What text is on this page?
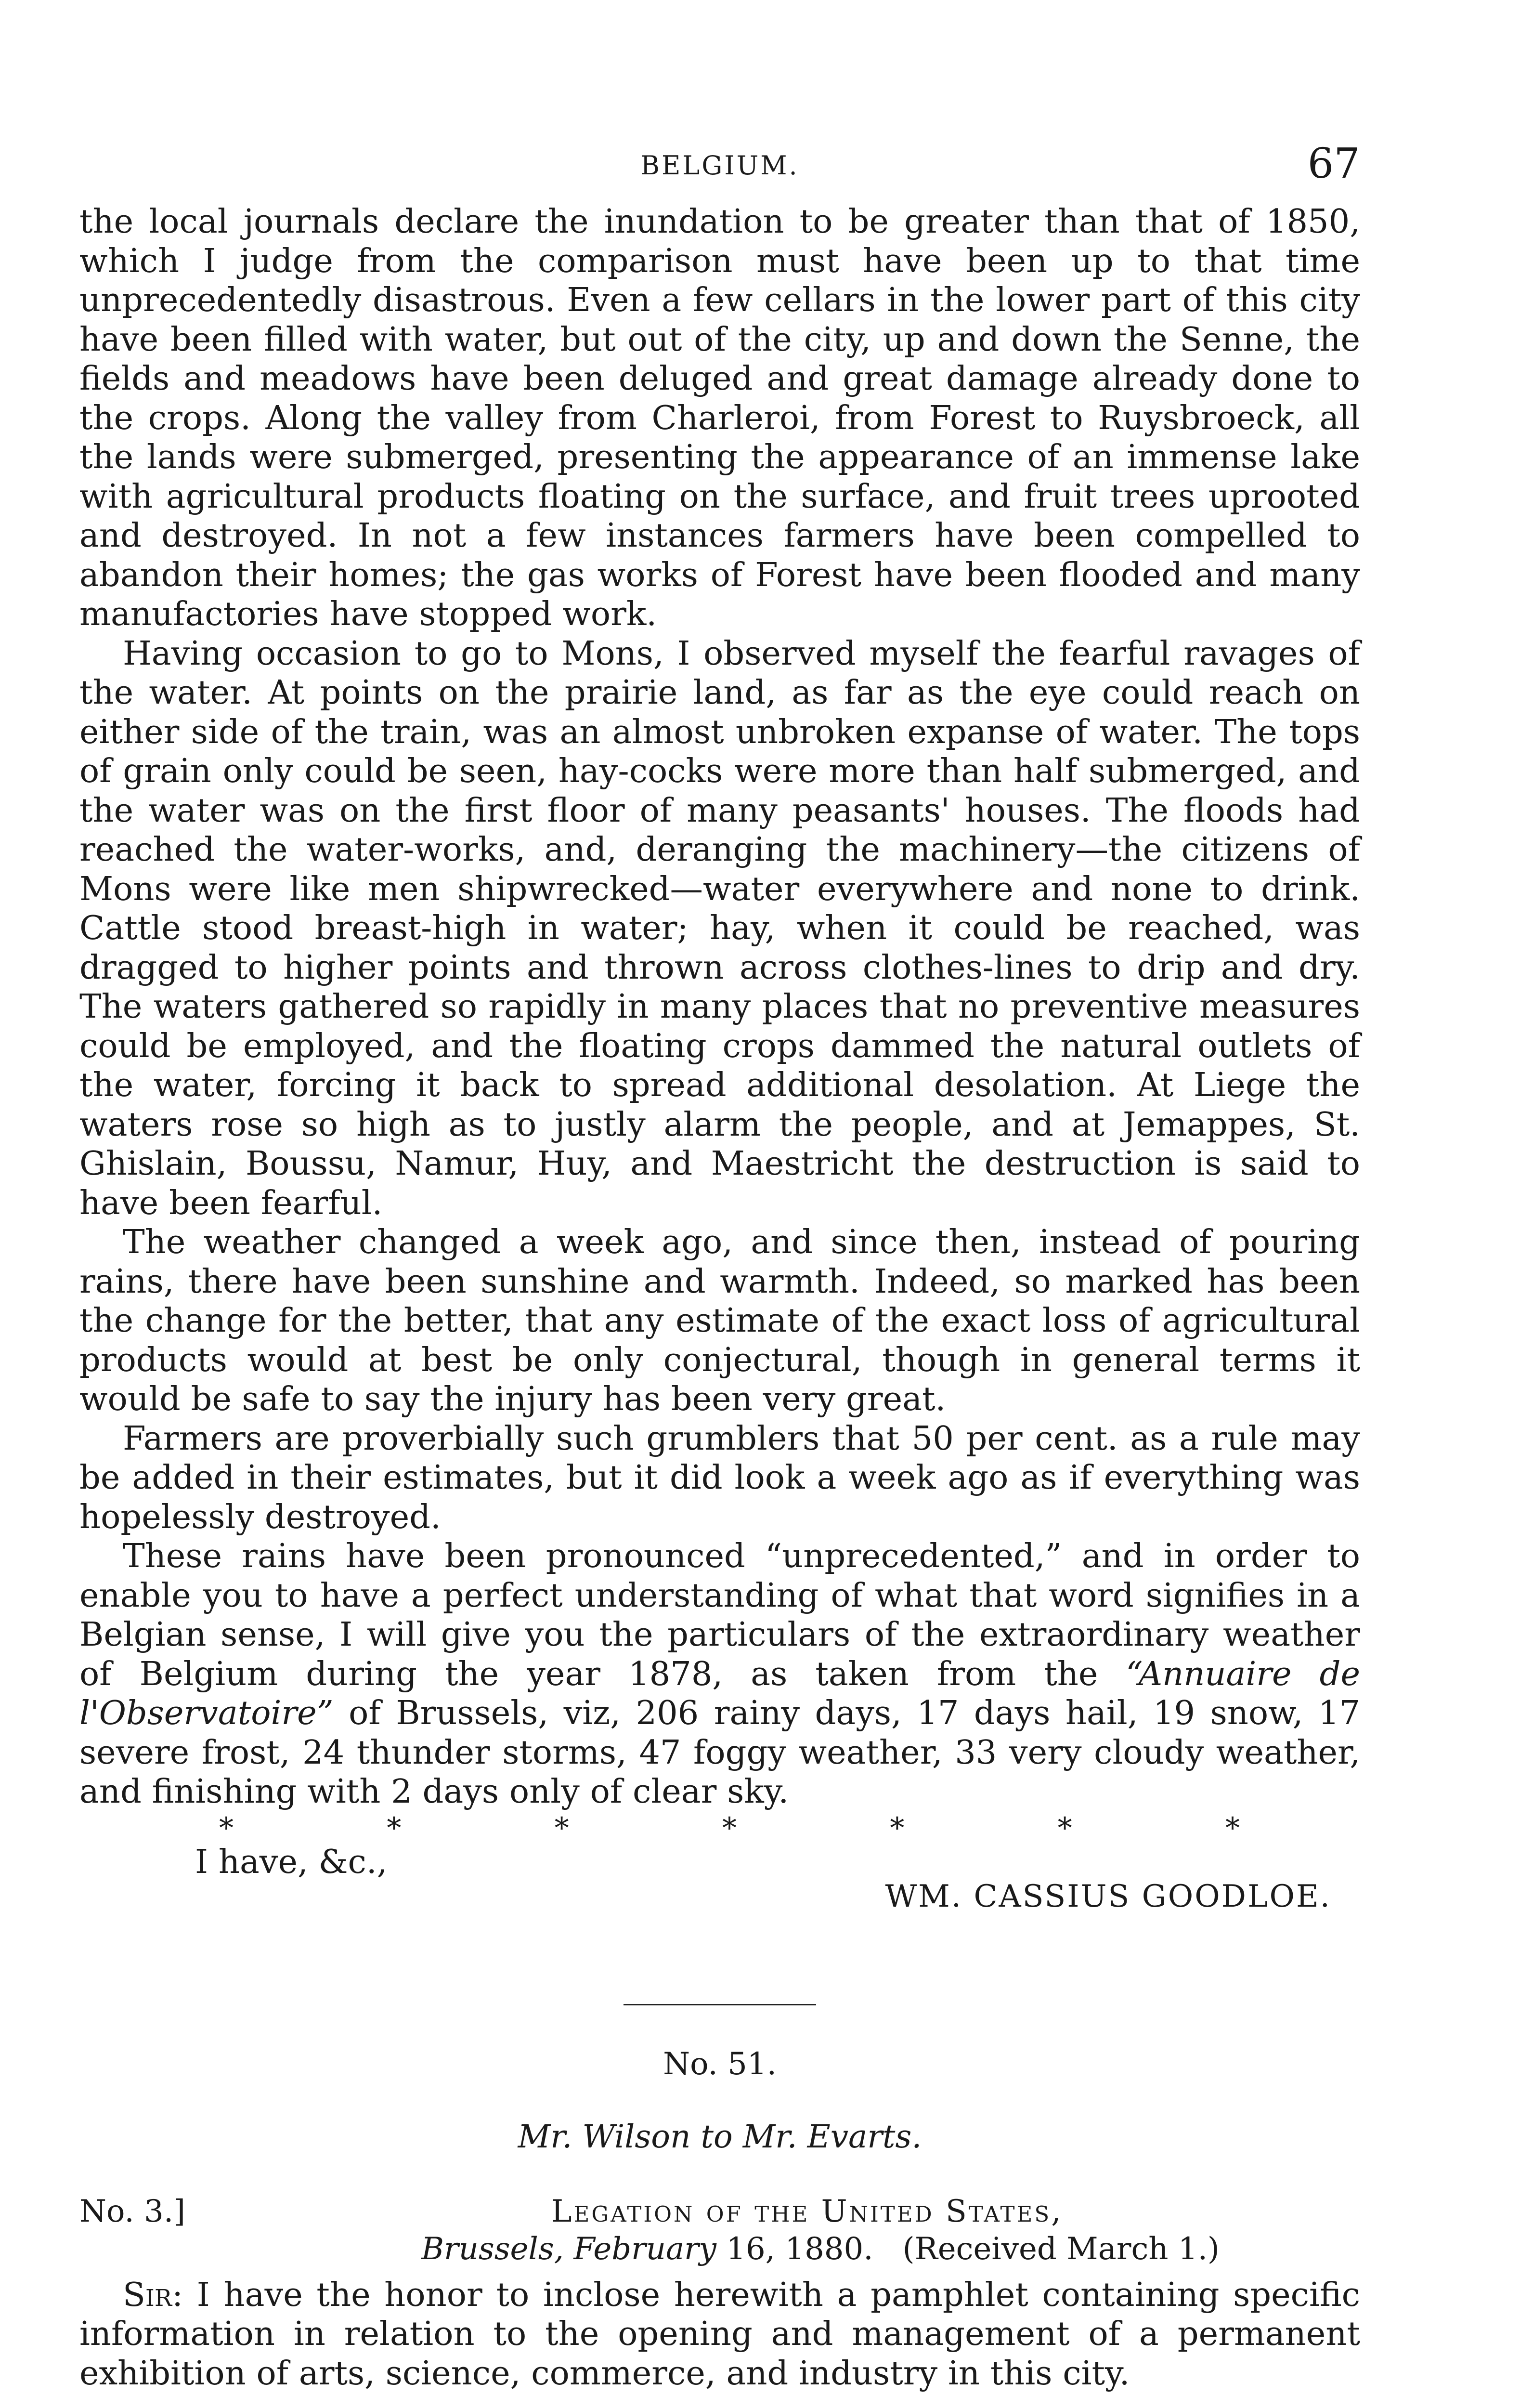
BELGIUM.	67

the local journals declare the inundation to be greater than that of 1850, which I judge from the comparison must have been up to that time unprecedentedly disastrous. Even a few cellars in the lower part of this city have been filled with water, but out of the city, up and down the Senne, the fields and meadows have been deluged and great damage already done to the crops. Along the valley from Charleroi, from Forest to Ruysbroeck, all the lands were submerged, presenting the appearance of an immense lake with agricultural products floating on the surface, and fruit trees uprooted and destroyed. In not a few instances farmers have been compelled to abandon their homes; the gas works of Forest have been flooded and many manufactories have stopped work.

Having occasion to go to Mons, I observed myself the fearful ravages of the water. At points on the prairie land, as far as the eye could reach on either side of the train, was an almost unbroken expanse of water. The tops of grain only could be seen, hay-cocks were more than half submerged, and the water was on the first floor of many peasants' houses. The floods had reached the water-works, and, deranging the machinery—the citizens of Mons were like men shipwrecked—water everywhere and none to drink. Cattle stood breast-high in water; hay, when it could be reached, was dragged to higher points and thrown across clothes-lines to drip and dry. The waters gathered so rapidly in many places that no preventive measures could be employed, and the floating crops dammed the natural outlets of the water, forcing it back to spread additional desolation. At Liege the waters rose so high as to justly alarm the people, and at Jemappes, St. Ghislain, Boussu, Namur, Huy, and Maestricht the destruction is said to have been fearful.

The weather changed a week ago, and since then, instead of pouring rains, there have been sunshine and warmth. Indeed, so marked has been the change for the better, that any estimate of the exact loss of agricultural products would at best be only conjectural, though in general terms it would be safe to say the injury has been very great.

Farmers are proverbially such grumblers that 50 per cent. as a rule may be added in their estimates, but it did look a week ago as if everything was hopelessly destroyed.

These rains have been pronounced “unprecedented,” and in order to enable you to have a perfect understanding of what that word signifies in a Belgian sense, I will give you the particulars of the extraordinary weather of Belgium during the year 1878, as taken from the “Annuaire de l'Observatoire” of Brussels, viz, 206 rainy days, 17 days hail, 19 snow, 17 severe frost, 24 thunder storms, 47 foggy weather, 33 very cloudy weather, and finishing with 2 days only of clear sky.

*	*	*	*	*	*	*
I have, &c.,
WM. CASSIUS GOODLOE.
No. 51.
Mr. Wilson to Mr. Evarts.
No. 3.]	Legation of the United States,
Brussels, February 16, 1880. (Received March 1.)

Sir: I have the honor to inclose herewith a pamphlet containing specific information in relation to the opening and management of a permanent exhibition of arts, science, commerce, and industry in this city.
